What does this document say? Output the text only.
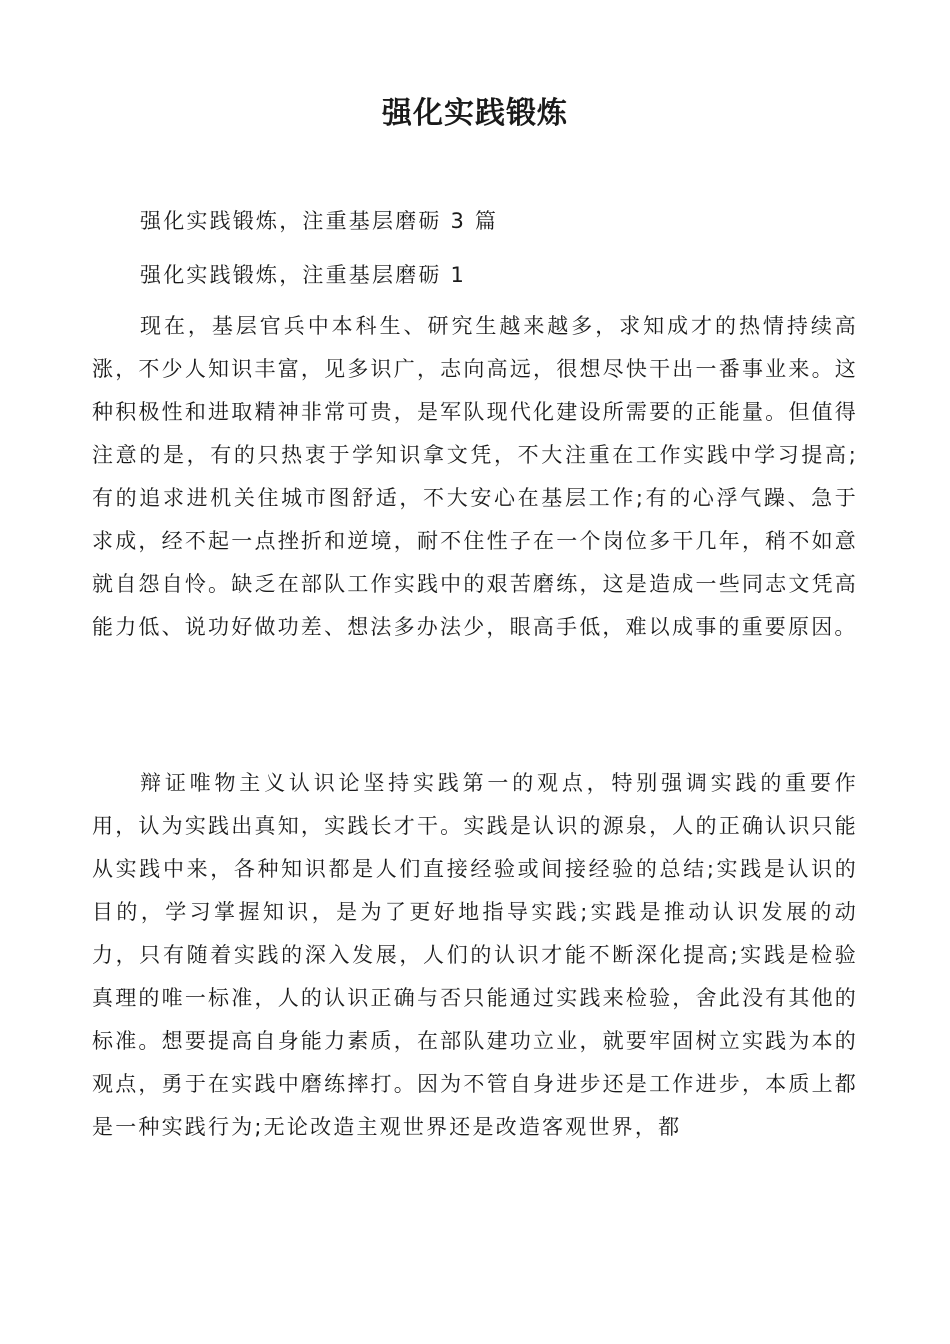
强化实践锻炼

强化实践锻炼，注重基层磨砺 3 篇

强化实践锻炼，注重基层磨砺 1

现在，基层官兵中本科生、研究生越来越多，求知成才的热情持续高涨，不少人知识丰富，见多识广，志向高远，很想尽快干出一番事业来。这种积极性和进取精神非常可贵，是军队现代化建设所需要的正能量。但值得注意的是，有的只热衷于学知识拿文凭，不大注重在工作实践中学习提高;有的追求进机关住城市图舒适，不大安心在基层工作;有的心浮气躁、急于求成，经不起一点挫折和逆境，耐不住性子在一个岗位多干几年，稍不如意就自怨自怜。缺乏在部队工作实践中的艰苦磨练，这是造成一些同志文凭高能力低、说功好做功差、想法多办法少，眼高手低，难以成事的重要原因。

辩证唯物主义认识论坚持实践第一的观点，特别强调实践的重要作用，认为实践出真知，实践长才干。实践是认识的源泉，人的正确认识只能从实践中来，各种知识都是人们直接经验或间接经验的总结;实践是认识的目的，学习掌握知识，是为了更好地指导实践;实践是推动认识发展的动力，只有随着实践的深入发展，人们的认识才能不断深化提高;实践是检验真理的唯一标准，人的认识正确与否只能通过实践来检验，舍此没有其他的标准。想要提高自身能力素质，在部队建功立业，就要牢固树立实践为本的观点，勇于在实践中磨练摔打。因为不管自身进步还是工作进步，本质上都是一种实践行为;无论改造主观世界还是改造客观世界，都
